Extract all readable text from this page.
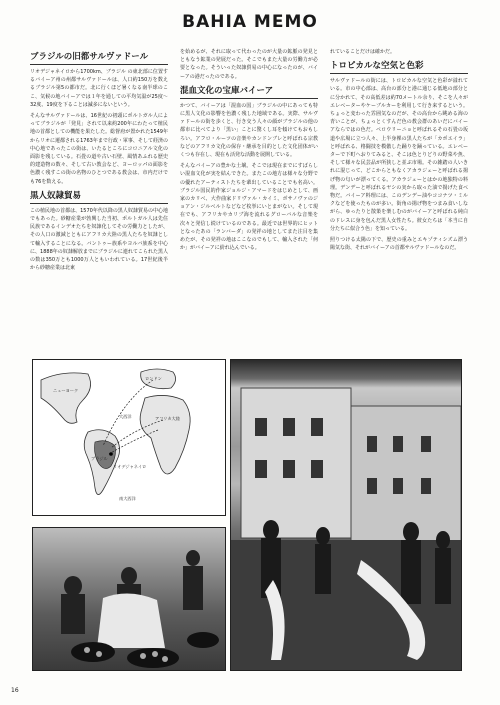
BAHIA MEMO
ブラジルの旧都サルヴァドール

リオデジャネイロから1700km、ブラジル の東北部に位置するバイーア州の州都サルヴァドールは、人口約150万を数えるブラジル第5の都市だ。北に行くほど暑くなる南半球のここ、気候の地バイーアでは１年を通しての平均気温が25度～32度、19度を下ることは滅多にないという。

そんなサルヴァドールは、16世紀の初頭にポルトガル人によってブラジルが「発見」されて以来約200年にわたって植民地の首都としての機能を果たした。総督府が置かれた1549年からリオに遷都される1763年まで行政・軍事、そして経済の中心地であったこの街は、いたるところにコロニアル文化の面影を残している。石畳の道や古い石壁、風情あふれる歴史的建造物の数々、そして古い教会など、ヨーロッパの面影を色濃く残すこの街の名物のひとつである教会は、市内だけでも76を数える。

黒人奴隷貿易

この植民地の首都は、1570年代以降の黒人奴隷貿易の中心地でもあった。砂糖産業が勃興した当初、ポルトガル人は先住民族であるインデオたちを奴隷化してその労働力としたが、その人口の激減とともにアフリカ大陸の黒人たちを奴隷として輸入することになる。バントゥー族系やヨルバ族系を中心に、1888年の奴隷解放までにブラジルに連れてこられた黒人の数は350万とも1000万人ともいわれている。17世紀後半から砂糖産業は北東

を始めるが、それに取って代わったのが大量の鉱脈の発見とともなう鉱業の発展だった。そこでもまた大量の労働力が必要となった。そういった奴隷貿易の中心になったのが、バイーアの港だったのである。

混血文化の宝庫バイーア

かつて、バイーアは「混血の国」ブラジルの中にあっても特に黒人文化の影響を色濃く残した地域である。実際、サルヴァドールの街を歩くと、行き交う人々の顔がブラジルの他の都市に比べてより「黒い」ことに驚くし耳を傾けてもおもしろい。アフロ・ルーツの音楽やカンドンブレと呼ばれる宗教などのアフリカ文化の保存・継承を目的とした文化団体がいくつも存在し、現在も活発な活動を展開している。

そんなバイーアの豊かな土壌。そこでは現在までにすばらしい混血文化が実を結んできた。またこの地方は様々な分野での優れたアーティストたちを輩出していることでも名高い。ブラジル国民的作家ジョルジ・アマードをはじめとして、画家のカリベ、大作曲家ドリヴァル・カイミ、ボサノヴァのジョアン・ジルベルトなどなど枚挙にいとまがない。そして現在でも、アフリカやカリブ海を流れるグローバルな音楽を次々と発信し続けているのである。最近では世界的にヒットとなったあの「ランバーダ」の発祥の地としてまた注目を集めたが、その発祥の地はここなのでもして、輸入された「何か」がバイーアに紛れ込んでいる。

れていることだけは確かだ。

トロピカルな空気と色彩

サルヴァドールの街には、トロピカルな空気と色彩が溢れている。市の中心部は、高台の部分と港に通じる低地の部分とに分かれて、その高低差は約70メートル余り、そこを人々がエレベーターやケーブルカーを利用して行き来するという。ちょっと変わった雰囲気なのだが、その高台から眺める海の青いことが、ちょっとくすんだ色の教会群のあいだにバイーアならではの色だ。ペロウリーニョと呼ばれるその石畳の坂道や広場に立つ人々、上半身裸の黒人たちが「カポエイラ」と呼ばれる、格闘技を模倣した踊りを踊っている。エレベーターで下町へおりてみると、そこは色とりどりの野菜や魚、そして様々な民芸品が所狭しと並ぶ市場。その雑踏の人いきれに混じって、どこからともなくアカラジェーと呼ばれる揚げ物の匂いが漂ってくる。アカラジェーとはかの地独特の料理。デンデーと呼ばれるヤシの実から取った油で揚げた食べ物だ。バイーア料理には、このデンデー油やココナツ・ミルクなどを使ったものが多い。街角の揚げ物をつまみ食いしながら、ゆったりと散策を楽しむのがバイーアと呼ばれる純白のドレスに身を包んだ黒人女性たち。彼女たちは「本当に自分たちに似合う色」を知っている。

照りつける太陽の下で、歴史の重みとエキゾティシズム漂う陽気な街、それがバイーアの首都サルヴァドールなのだ。

ニューヨーク
ロンドン
アフリカ大陸
ブラジル
リオデジャネイロ
大西洋
南大西洋
16
